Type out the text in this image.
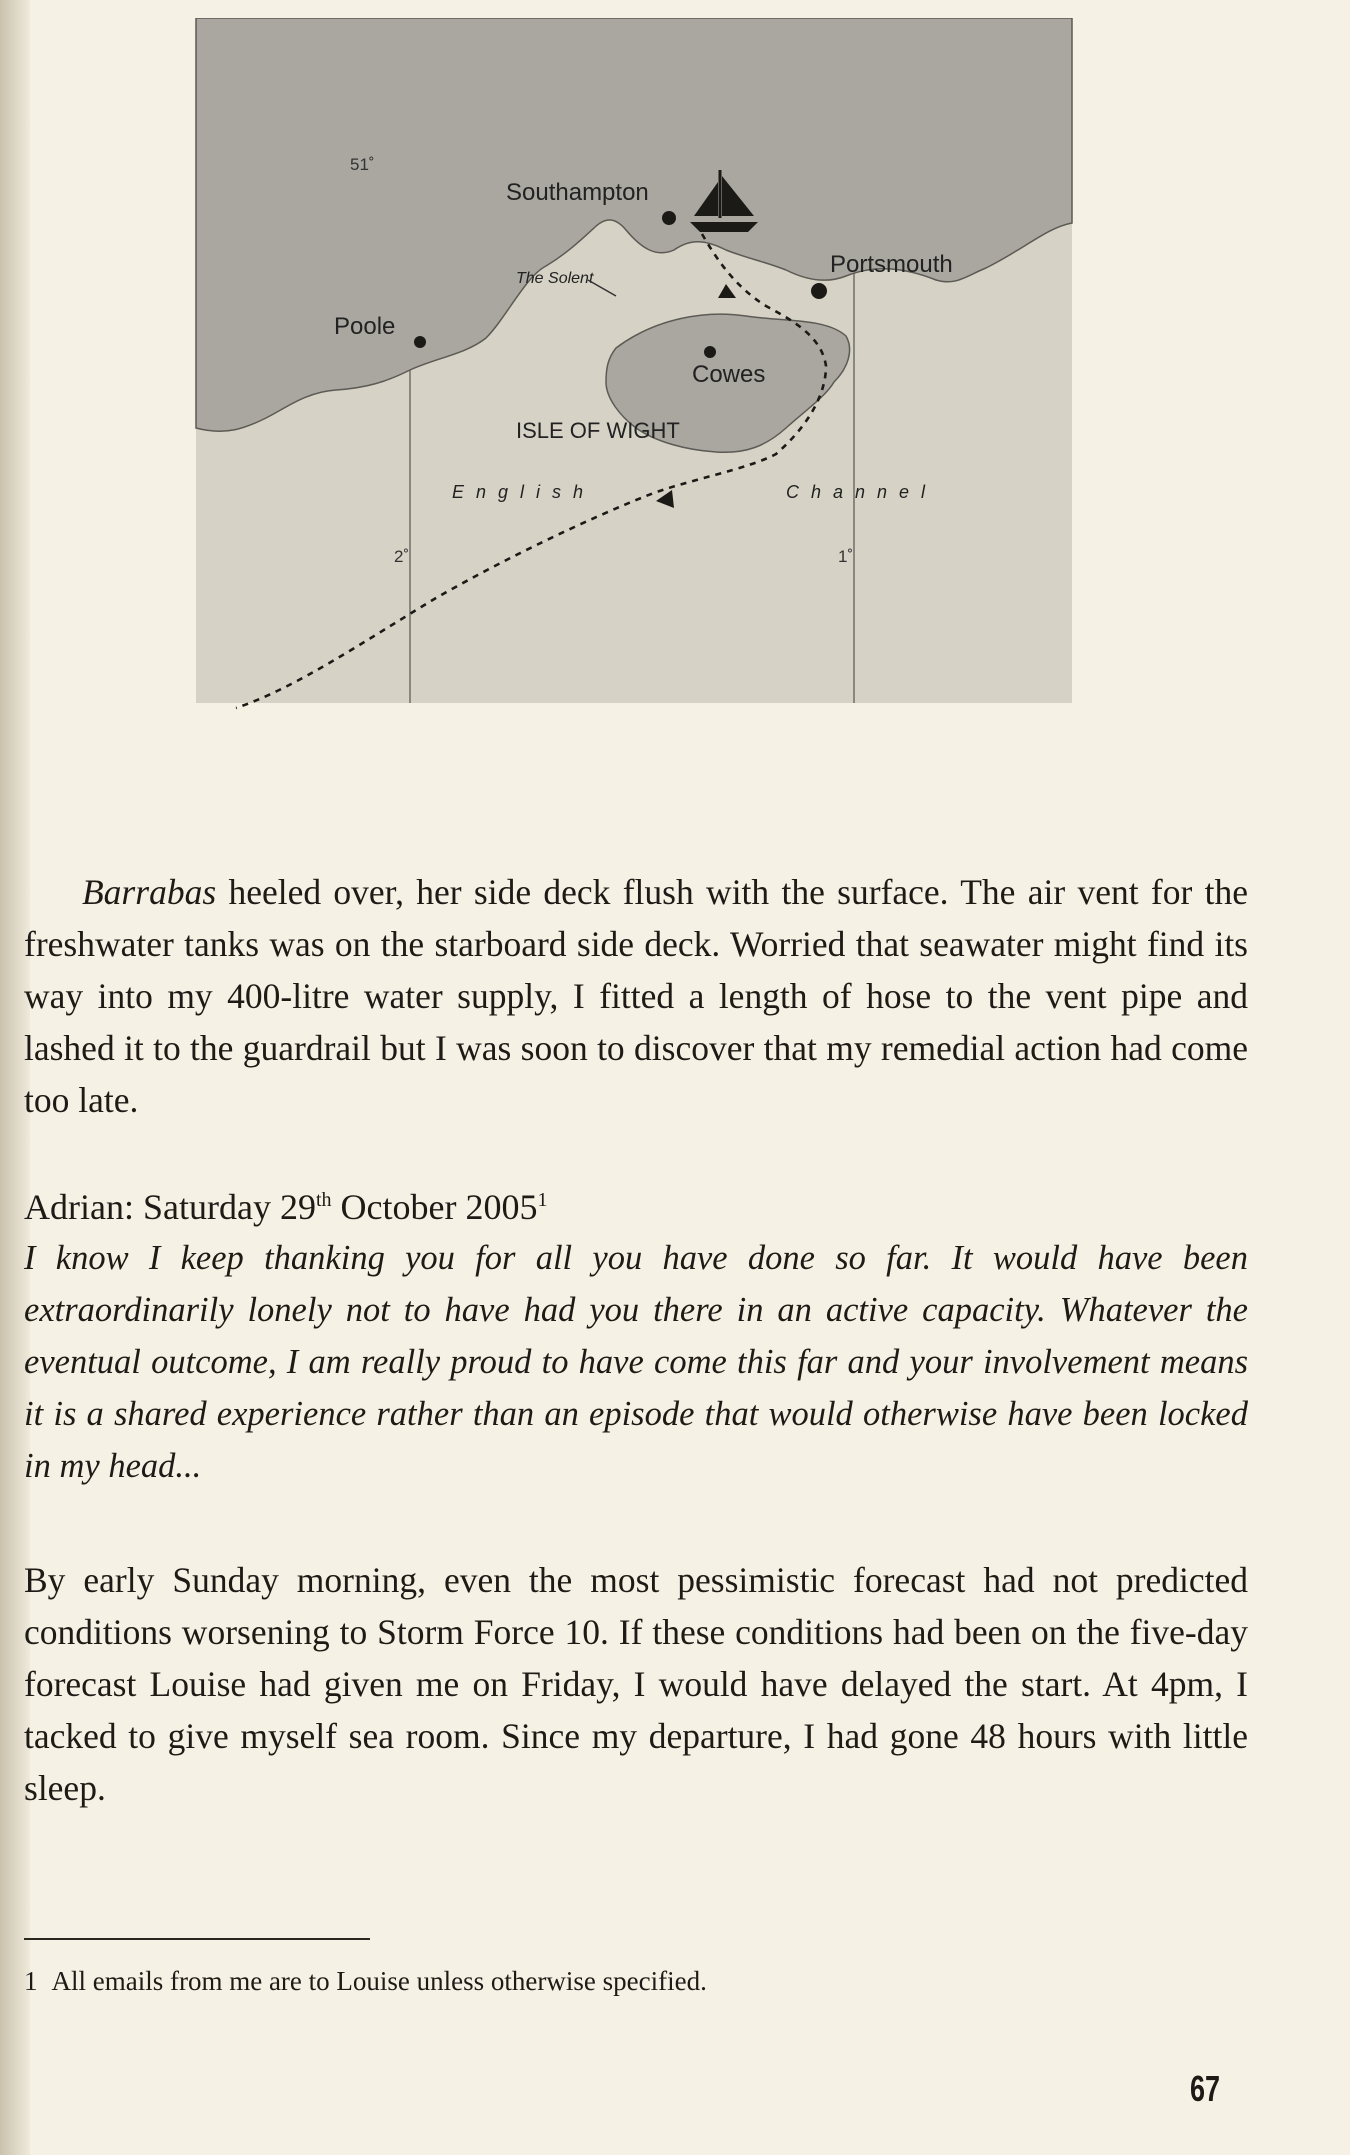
51˚
2˚	1˚
Southampton
Portsmouth
Poole
Cowes
The Solent
ISLE OF WIGHT
English	Channel

Barrabas heeled over, her side deck flush with the surface. The air vent for the freshwater tanks was on the starboard side deck. Worried that seawater might find its way into my 400-litre water supply, I fitted a length of hose to the vent pipe and lashed it to the guardrail but I was soon to discover that my remedial action had come too late.

Adrian: Saturday 29th October 2005$^1$

I know I keep thanking you for all you have done so far. It would have been extraordinarily lonely not to have had you there in an active capacity. Whatever the eventual outcome, I am really proud to have come this far and your involvement means it is a shared experience rather than an episode that would otherwise have been locked in my head...

By early Sunday morning, even the most pessimistic forecast had not predicted conditions worsening to Storm Force 10. If these conditions had been on the five-day forecast Louise had given me on Friday, I would have delayed the start. At 4pm, I tacked to give myself sea room. Since my departure, I had gone 48 hours with little sleep.

1 All emails from me are to Louise unless otherwise specified.

67
